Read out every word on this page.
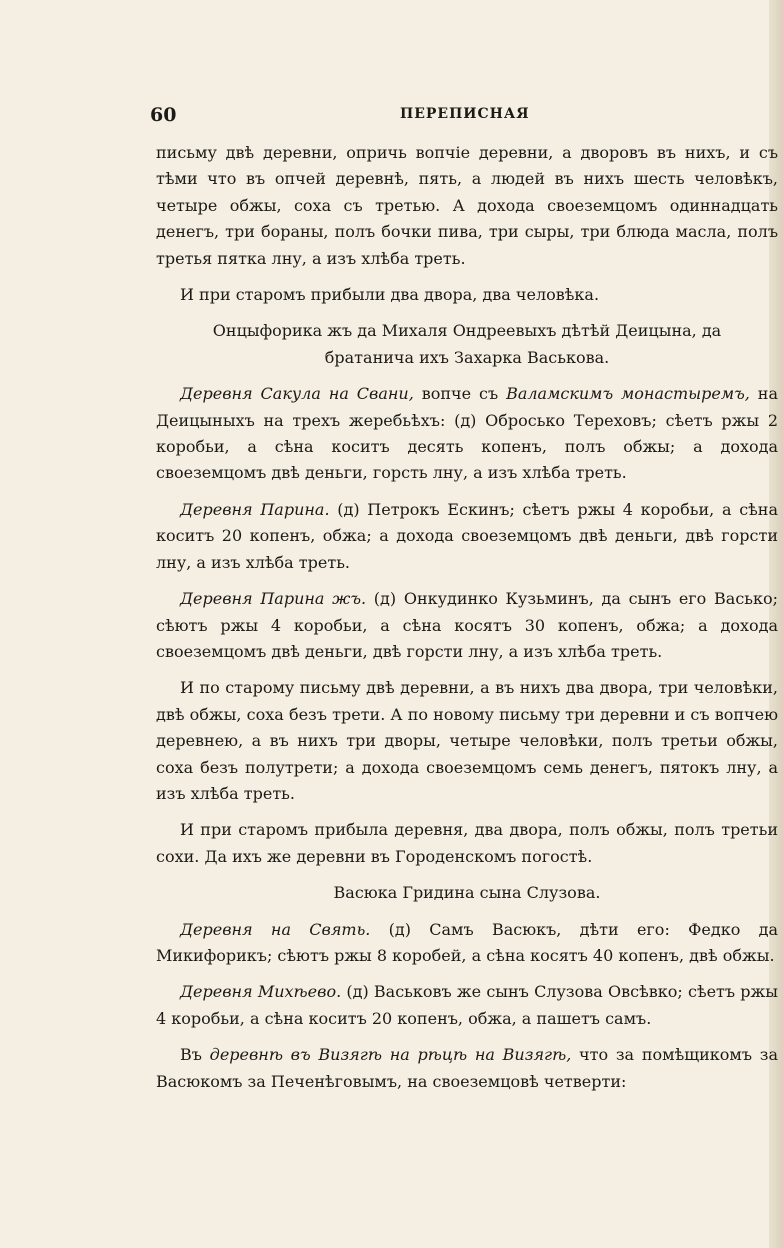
60	ПЕРЕПИСНАЯ

письму двѣ деревни, опричь вопчіе деревни, а дворовъ въ нихъ, и съ тѣми что въ опчей деревнѣ, пять, а людей въ нихъ шесть человѣкъ, четыре обжы, соха съ третью. А дохода своеземцомъ одиннадцать денегъ, три бораны, полъ бочки пива, три сыры, три блюда масла, полъ третья пятка лну, а изъ хлѣба треть.

И при старомъ прибыли два двора, два человѣка.

Онцыфорика жъ да Михаля Ондреевыхъ дѣтѣй Деицына, да братанича ихъ Захарка Васькова.

Деревня Сакула на Свани, вопче съ Валамскимъ монастыремъ, на Деицыныхъ на трехъ жеребьѣхъ: (д) Обросько Тереховъ; сѣетъ ржы 2 коробьи, а сѣна коситъ десять копенъ, полъ обжы; а дохода своеземцомъ двѣ деньги, горсть лну, а изъ хлѣба треть.

Деревня Парина. (д) Петрокъ Ескинъ; сѣетъ ржы 4 коробьи, а сѣна коситъ 20 копенъ, обжа; а дохода своеземцомъ двѣ деньги, двѣ горсти лну, а изъ хлѣба треть.

Деревня Парина жъ. (д) Онкудинко Кузьминъ, да сынъ его Васько; сѣютъ ржы 4 коробьи, а сѣна косятъ 30 копенъ, обжа; а дохода своеземцомъ двѣ деньги, двѣ горсти лну, а изъ хлѣба треть.

И по старому письму двѣ деревни, а въ нихъ два двора, три человѣки, двѣ обжы, соха безъ трети. А по новому письму три деревни и съ вопчею деревнею, а въ нихъ три дворы, четыре человѣки, полъ третьи обжы, соха безъ полутрети; а дохода своеземцомъ семь денегъ, пятокъ лну, а изъ хлѣба треть.

И при старомъ прибыла деревня, два двора, полъ обжы, полъ третьи сохи. Да ихъ же деревни въ Городенскомъ погостѣ.

Васюка Гридина сына Слузова.

Деревня на Свять. (д) Самъ Васюкъ, дѣти его: Федко да Микифорикъ; сѣютъ ржы 8 коробей, а сѣна косятъ 40 копенъ, двѣ обжы.

Деревня Михѣево. (д) Васьковъ же сынъ Слузова Овсѣвко; сѣетъ ржы 4 коробьи, а сѣна коситъ 20 копенъ, обжа, а пашетъ самъ.

Въ деревнѣ въ Визягѣ на рѣцѣ на Визягѣ, что за помѣщикомъ за Васюкомъ за Печенѣговымъ, на своеземцовѣ четверти:
